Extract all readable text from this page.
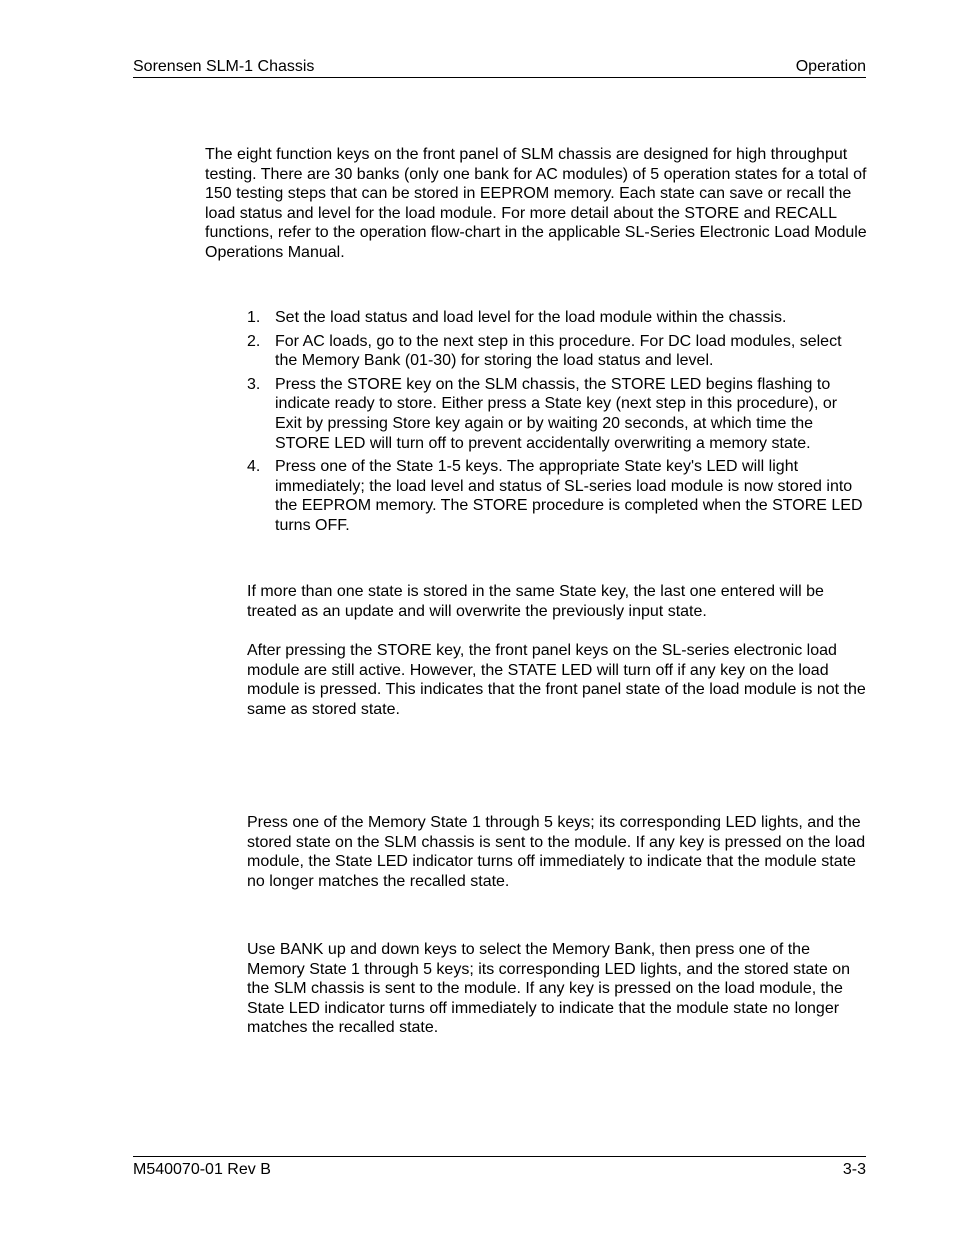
Sorensen SLM-1 Chassis	Operation

The eight function keys on the front panel of SLM chassis are designed for high throughput testing. There are 30 banks (only one bank for AC modules) of 5 operation states for a total of 150 testing steps that can be stored in EEPROM memory. Each state can save or recall the load status and level for the load module. For more detail about the STORE and RECALL functions, refer to the operation flow-chart in the applicable SL-Series Electronic Load Module Operations Manual.

1. Set the load status and load level for the load module within the chassis.
2. For AC loads, go to the next step in this procedure. For DC load modules, select the Memory Bank (01-30) for storing the load status and level.
3. Press the STORE key on the SLM chassis, the STORE LED begins flashing to indicate ready to store. Either press a State key (next step in this procedure), or Exit by pressing Store key again or by waiting 20 seconds, at which time the STORE LED will turn off to prevent accidentally overwriting a memory state.
4. Press one of the State 1-5 keys. The appropriate State key's LED will light immediately; the load level and status of SL-series load module is now stored into the EEPROM memory. The STORE procedure is completed when the STORE LED turns OFF.

If more than one state is stored in the same State key, the last one entered will be treated as an update and will overwrite the previously input state.

After pressing the STORE key, the front panel keys on the SL-series electronic load module are still active. However, the STATE LED will turn off if any key on the load module is pressed. This indicates that the front panel state of the load module is not the same as stored state.

Press one of the Memory State 1 through 5 keys; its corresponding LED lights, and the stored state on the SLM chassis is sent to the module. If any key is pressed on the load module, the State LED indicator turns off immediately to indicate that the module state no longer matches the recalled state.

Use BANK up and down keys to select the Memory Bank, then press one of the Memory State 1 through 5 keys; its corresponding LED lights, and the stored state on the SLM chassis is sent to the module. If any key is pressed on the load module, the State LED indicator turns off immediately to indicate that the module state no longer matches the recalled state.

M540070-01 Rev B	3-3
